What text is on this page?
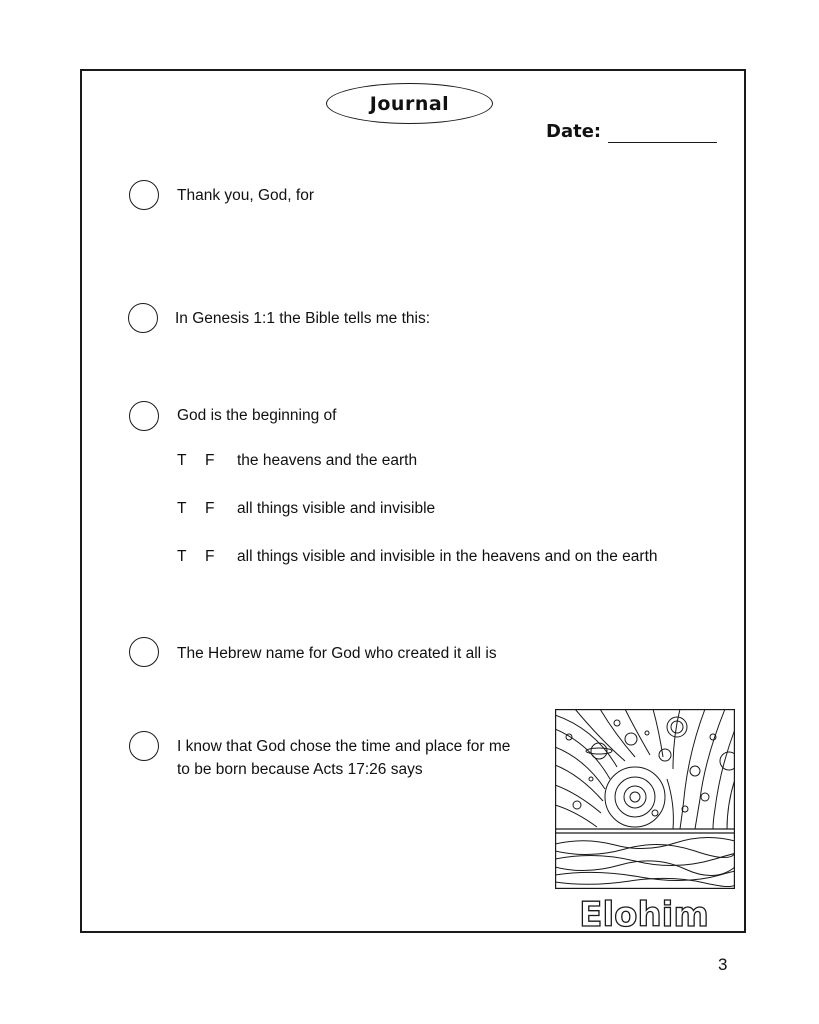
Journal
Date:
Thank you, God, for
In Genesis 1:1 the Bible tells me this:
God is the beginning of
T F the heavens and the earth
T F all things visible and invisible
T F all things visible and invisible in the heavens and on the earth
The Hebrew name for God who created it all is
I know that God chose the time and place for me
to be born because Acts 17:26 says
Elohim
3
